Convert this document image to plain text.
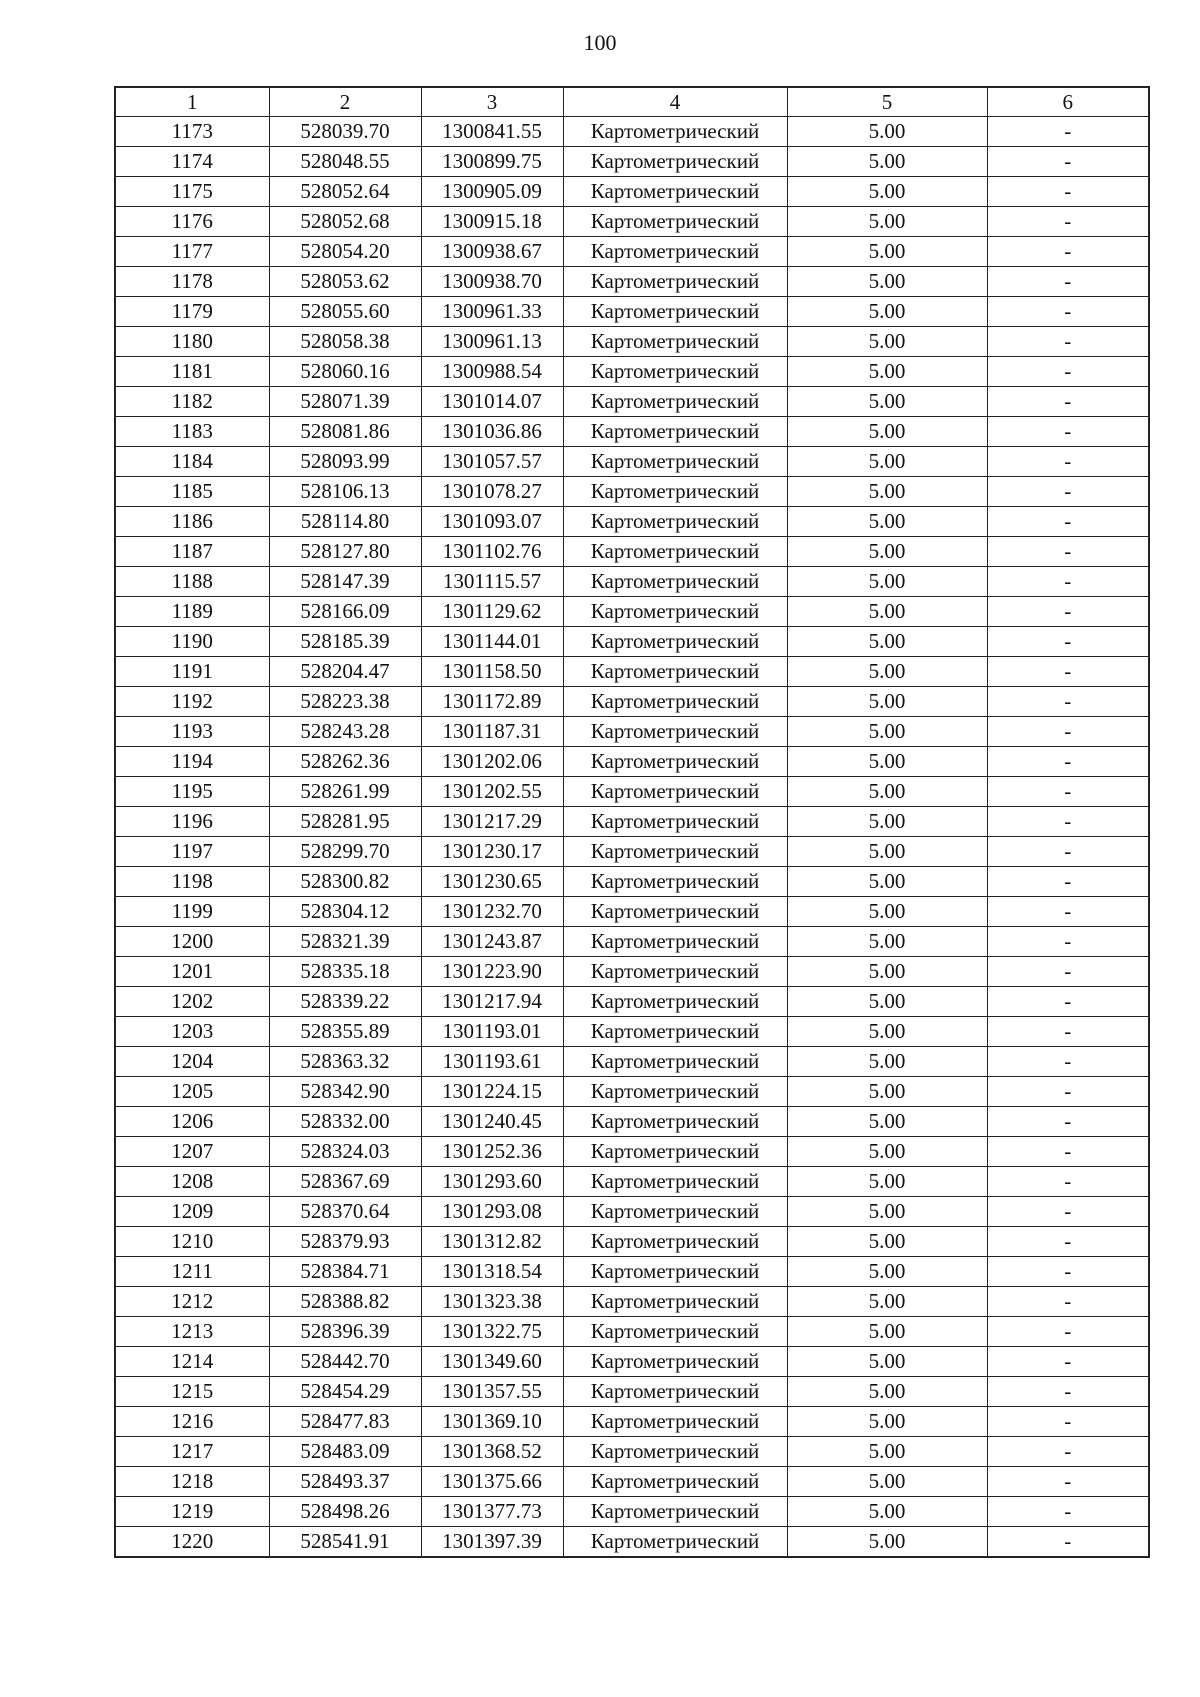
100
1	2	3	4	5	6
1173	528039.70	1300841.55	Картометрический	5.00	-
1174	528048.55	1300899.75	Картометрический	5.00	-
1175	528052.64	1300905.09	Картометрический	5.00	-
1176	528052.68	1300915.18	Картометрический	5.00	-
1177	528054.20	1300938.67	Картометрический	5.00	-
1178	528053.62	1300938.70	Картометрический	5.00	-
1179	528055.60	1300961.33	Картометрический	5.00	-
1180	528058.38	1300961.13	Картометрический	5.00	-
1181	528060.16	1300988.54	Картометрический	5.00	-
1182	528071.39	1301014.07	Картометрический	5.00	-
1183	528081.86	1301036.86	Картометрический	5.00	-
1184	528093.99	1301057.57	Картометрический	5.00	-
1185	528106.13	1301078.27	Картометрический	5.00	-
1186	528114.80	1301093.07	Картометрический	5.00	-
1187	528127.80	1301102.76	Картометрический	5.00	-
1188	528147.39	1301115.57	Картометрический	5.00	-
1189	528166.09	1301129.62	Картометрический	5.00	-
1190	528185.39	1301144.01	Картометрический	5.00	-
1191	528204.47	1301158.50	Картометрический	5.00	-
1192	528223.38	1301172.89	Картометрический	5.00	-
1193	528243.28	1301187.31	Картометрический	5.00	-
1194	528262.36	1301202.06	Картометрический	5.00	-
1195	528261.99	1301202.55	Картометрический	5.00	-
1196	528281.95	1301217.29	Картометрический	5.00	-
1197	528299.70	1301230.17	Картометрический	5.00	-
1198	528300.82	1301230.65	Картометрический	5.00	-
1199	528304.12	1301232.70	Картометрический	5.00	-
1200	528321.39	1301243.87	Картометрический	5.00	-
1201	528335.18	1301223.90	Картометрический	5.00	-
1202	528339.22	1301217.94	Картометрический	5.00	-
1203	528355.89	1301193.01	Картометрический	5.00	-
1204	528363.32	1301193.61	Картометрический	5.00	-
1205	528342.90	1301224.15	Картометрический	5.00	-
1206	528332.00	1301240.45	Картометрический	5.00	-
1207	528324.03	1301252.36	Картометрический	5.00	-
1208	528367.69	1301293.60	Картометрический	5.00	-
1209	528370.64	1301293.08	Картометрический	5.00	-
1210	528379.93	1301312.82	Картометрический	5.00	-
1211	528384.71	1301318.54	Картометрический	5.00	-
1212	528388.82	1301323.38	Картометрический	5.00	-
1213	528396.39	1301322.75	Картометрический	5.00	-
1214	528442.70	1301349.60	Картометрический	5.00	-
1215	528454.29	1301357.55	Картометрический	5.00	-
1216	528477.83	1301369.10	Картометрический	5.00	-
1217	528483.09	1301368.52	Картометрический	5.00	-
1218	528493.37	1301375.66	Картометрический	5.00	-
1219	528498.26	1301377.73	Картометрический	5.00	-
1220	528541.91	1301397.39	Картометрический	5.00	-
